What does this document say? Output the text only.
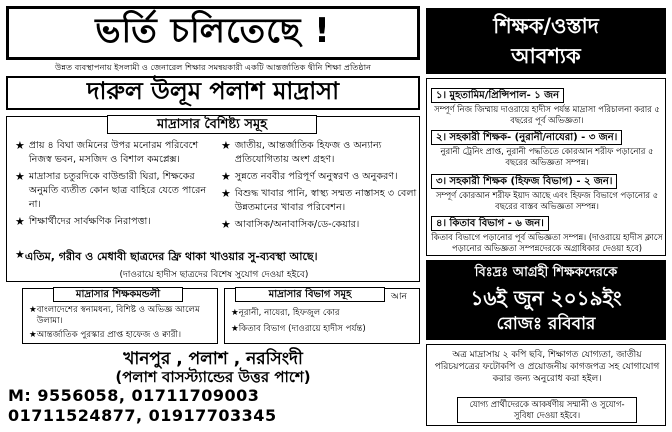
ভর্তি চলিতেছে !
উন্নত ব্যবস্থাপনায় ইসলামী ও জেনারেল শিক্ষার সমন্বয়কারী একটি আন্তর্জাতিক দ্বীনি শিক্ষা প্রতিষ্ঠান
দারুল উলূম পলাশ মাদ্রাসা
মাদ্রাসার বৈশিষ্ট্য সমূহ
★ প্রায় ৪ বিঘা জমিনের উপর মনোরম পরিবেশে নিজস্ব ভবন, মসজিদ ও বিশাল কমপ্লেক্স।
★ মাদ্রাসার চতুরদিকে বাউন্ডারী ঘিরা, শিক্ষকের অনুমতি ব্যতীত কোন ছাত্র বাহিরে যেতে পারেন না।
★ শিক্ষার্থীদের সার্বক্ষণিক নিরাপত্তা।
★ জাতীয়, আন্তর্জাতিক হিফজ ও অন্যান্য প্রতিযোগিতায় অংশ গ্রহণ।
★ সুন্নতে নববীর পরিপূর্ণ অনুস্বরণ ও অনুকরণ।
★ বিশুদ্ধ খাবার পানি, স্বাস্থ্য সম্মত নাস্তাসহ ৩ বেলা উন্নতমানের খাবার পরিবেশন।
★ আবাসিক/অনাবাসিক/ডে-কেয়ার।
★ এতিম, গরীব ও মেধাবী ছাত্রদের ফ্রি থাকা খাওয়ার সু-ব্যবস্থা আছে।
(দাওরায়ে হাদীস ছাত্রদের বিশেষ সুযোগ দেওয়া হইবে)
মাদ্রাসার শিক্ষকমন্ডলী
★ বাংলাদেশের স্বনামধন্য, বিশিষ্ট ও অভিজ্ঞ আলেম উলামা।
★ আন্তর্জাতিক পুরস্কার প্রাপ্ত হাফেজ ও ক্বারী।
মাদ্রাসার বিভাগ সমূহ	আন
★ নূরানী, নাযেরা, হিফজুল কোর
★ কিতাব বিভাগ (দাওরায়ে হাদীস পর্যন্ত)
খানপুর , পলাশ , নরসিংদী
(পলাশ বাসস্ট্যান্ডের উত্তর পাশে)
M: 9556058, 01711709003
01711524877, 01917703345
শিক্ষক/ওস্তাদ
আবশ্যক
১। মুহতামিম/প্রিন্সিপাল- ১ জন
সম্পূর্ণ নিজ জিম্মায় দাওরায়ে হাদীস পর্যন্ত মাদ্রাসা পরিচালনা করার ৫ বছরের পূর্ব অভিজ্ঞতা।
২। সহকারী শিক্ষক- (নুরানী/নাযেরা) - ৩ জন।
নুরানী ট্রেনিং প্রাপ্ত, নুরানী পদ্ধতিতে কোরআন শরীফ পড়ানোর ৫ বছরের অভিজ্ঞতা সম্পন্ন।
৩। সহকারী শিক্ষক (হিফজ বিভাগ) - ২ জন।
সম্পূর্ণ কোরআন শরীফ ইয়াদ আছে এবং হিফজ বিভাগে পড়ানোর ৫ বছরের বাস্তব অভিজ্ঞতা সম্পন্ন।
৪। কিতাব বিভাগ - ৬ জন।
কিতাব বিভাগে পড়ানোর পূর্ব অভিজ্ঞতা সম্পন্ন। (দাওরায়ে হাদীস ক্লাসে পড়ানোর অভিজ্ঞতা সম্পন্নদেরকে অগ্রাধিকার দেওয়া হবে)
বিঃদ্রঃ আগ্রহী শিক্ষকদেরকে
১৬ই জুন ২০১৯ইং
রোজঃ রবিবার
অত্র মাদ্রাসায় ২ কপি ছবি, শিক্ষাগত যোগ্যতা, জাতীয় পরিচয়পত্রের ফটোকপি ও প্রয়োজনীয় কাগজপত্র সহ যোগাযোগ করার জন্য অনুরোধ করা হইল।
যোগ্য প্রার্থীদেরকে আকর্ষণীয় সম্মানী ও সুযোগ-সুবিধা দেওয়া হইবে।
